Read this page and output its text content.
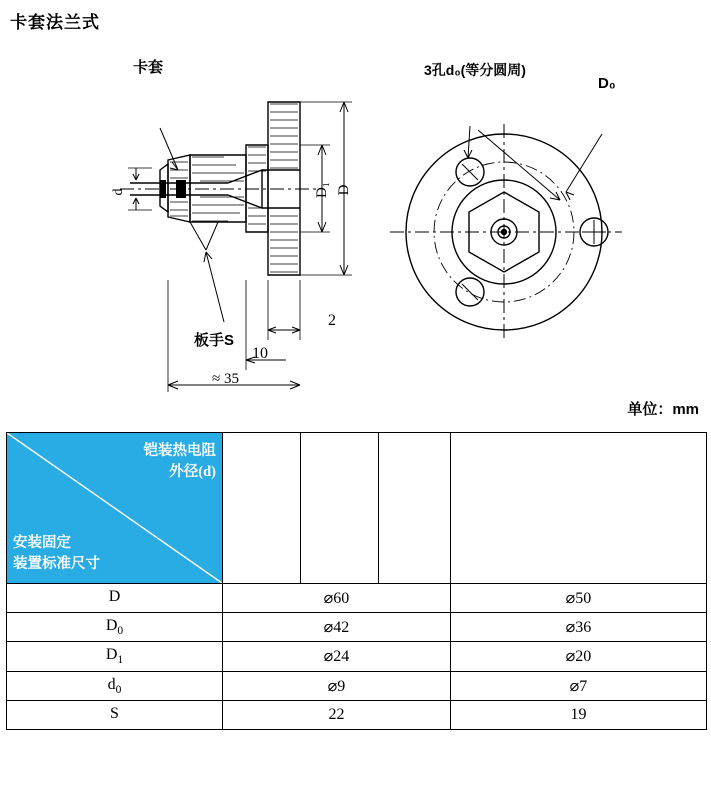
卡套法兰式
卡套
板手S
3孔d₀(等分圆周)
D₀
D₁ D
d
2
10
≈ 35
单位：mm
铠装热电阻
外径(d)
安装固定
装置标准尺寸	⌀6	⌀5	⌀4	⌀3
D	⌀60			⌀50
$D_0$	⌀42			⌀36
$D_1$	⌀24			⌀20
$d_0$	⌀9			⌀7
S	22			19
